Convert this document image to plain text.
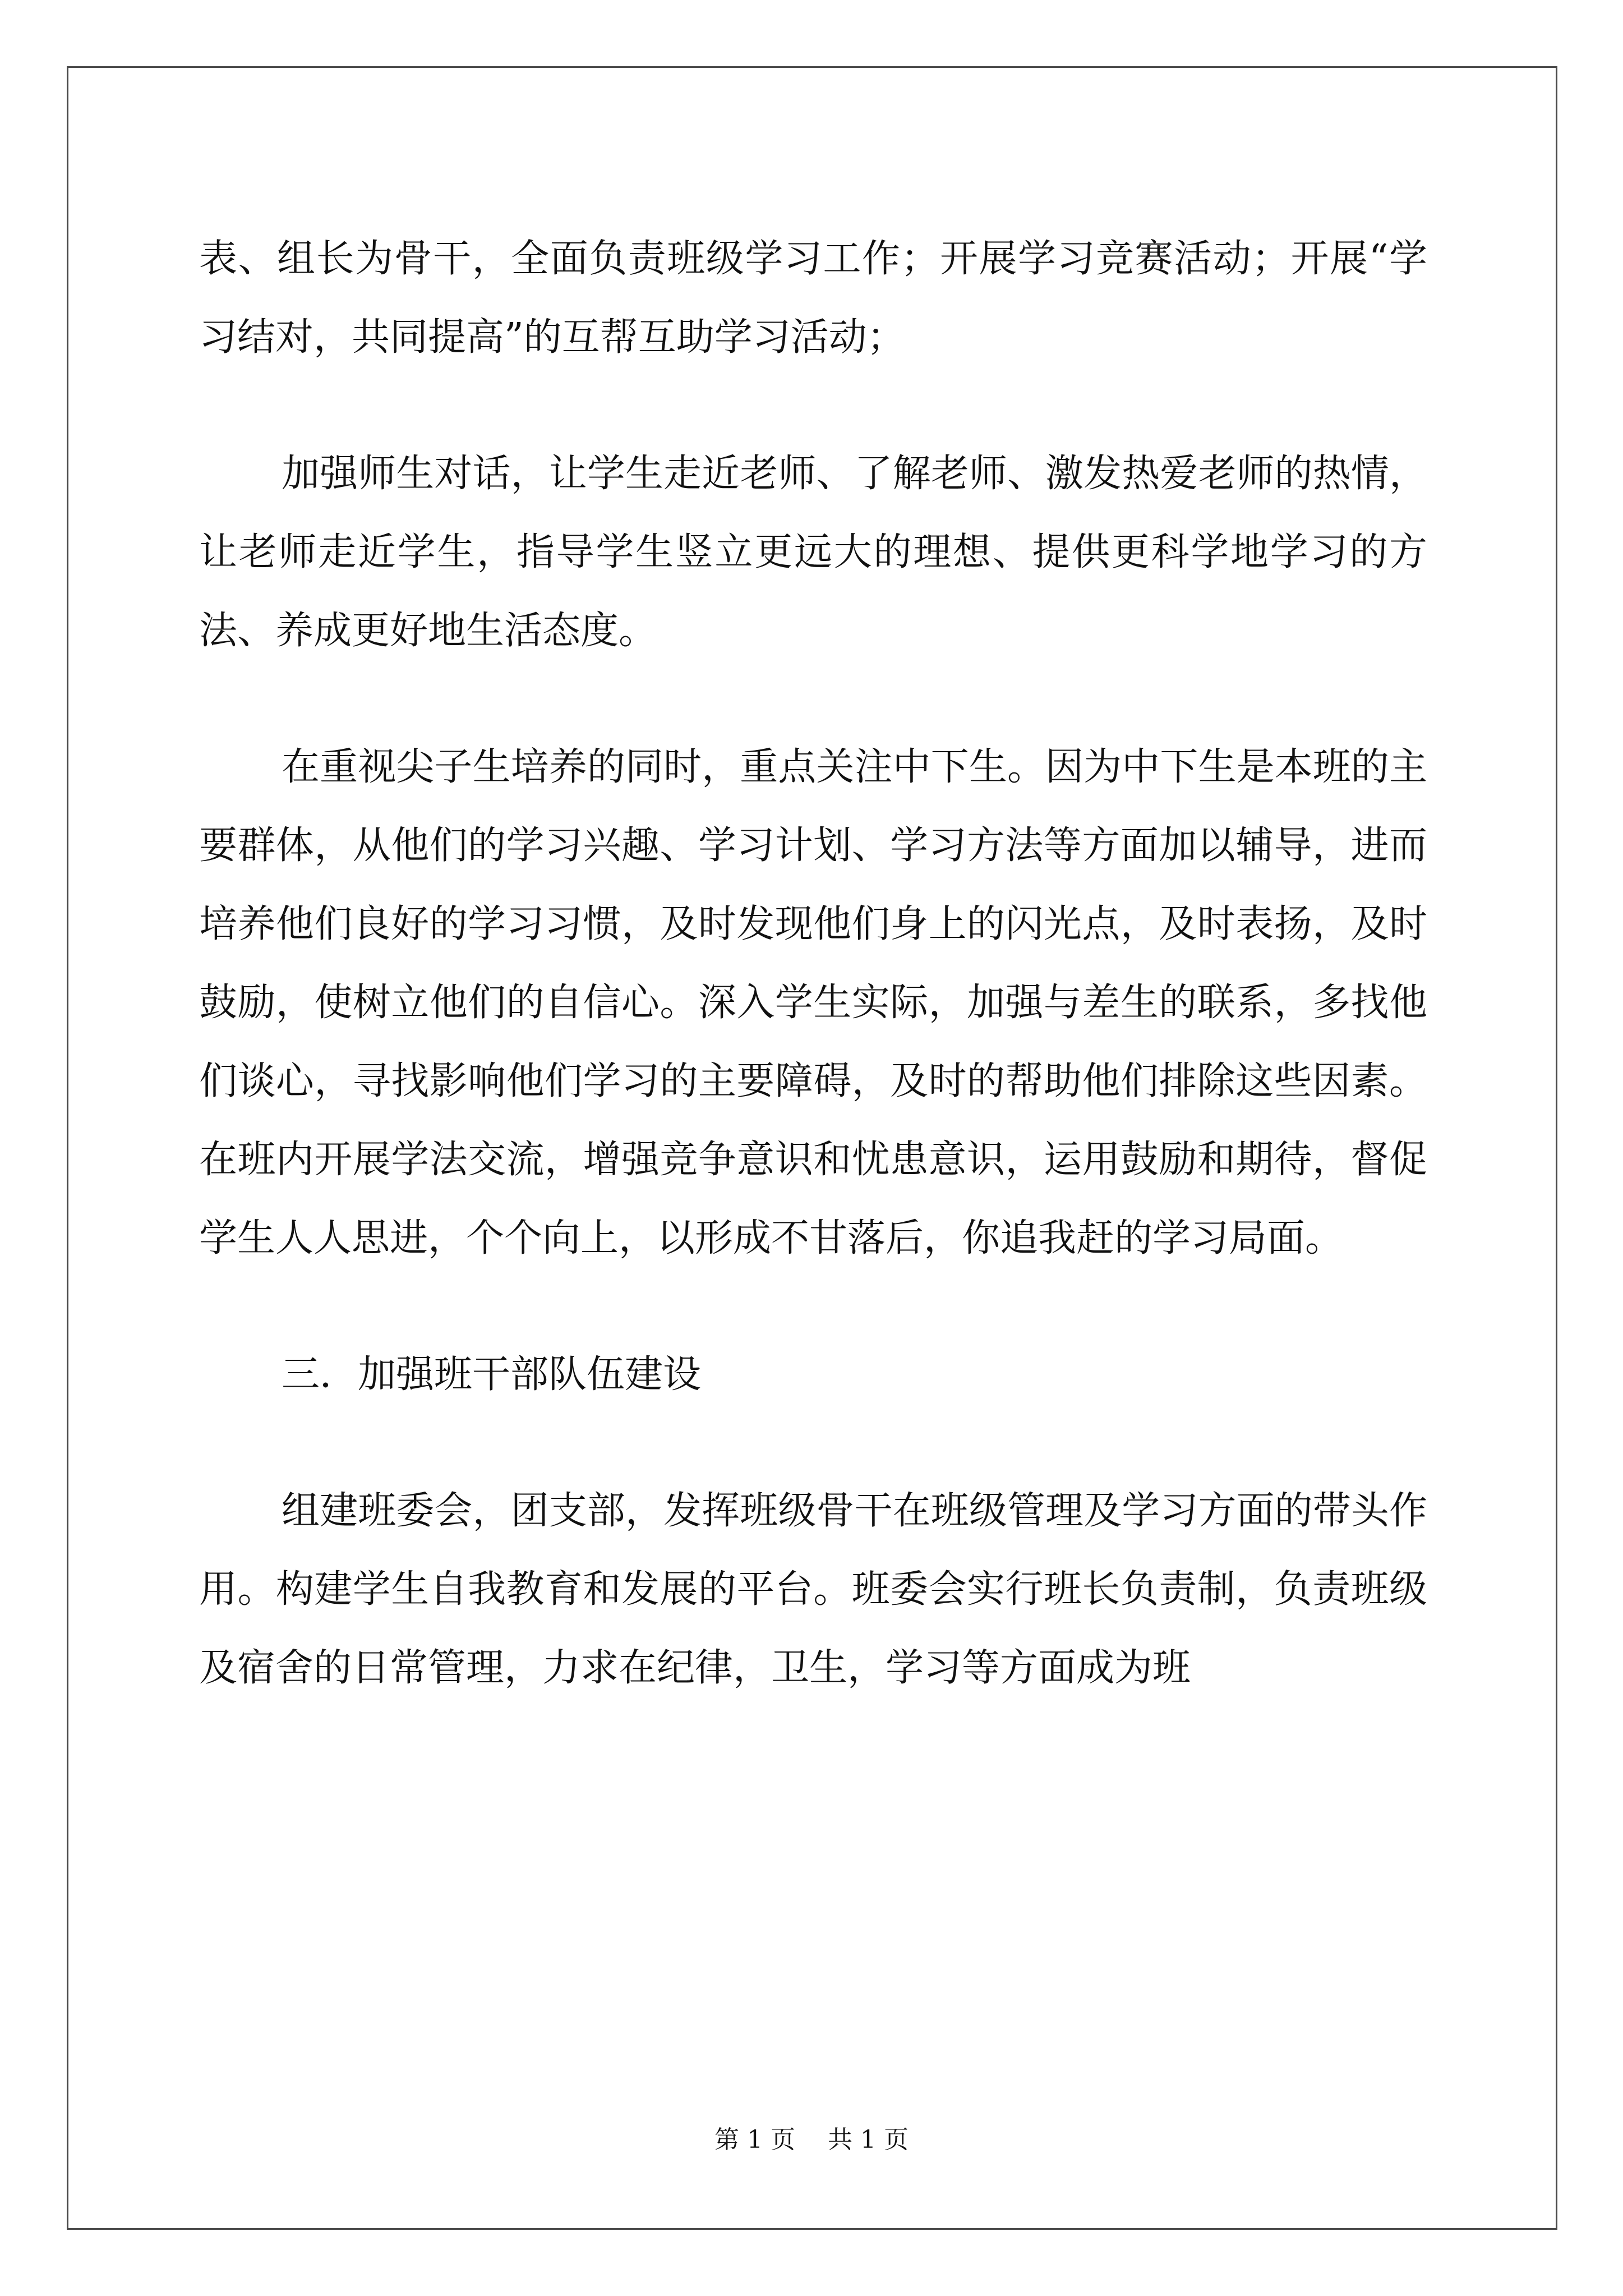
表、组长为骨干，全面负责班级学习工作；开展学习竞赛活动；开展“学习结对，共同提高”的互帮互助学习活动；

加强师生对话，让学生走近老师、了解老师、激发热爱老师的热情，让老师走近学生，指导学生竖立更远大的理想、提供更科学地学习的方法、养成更好地生活态度。

在重视尖子生培养的同时，重点关注中下生。因为中下生是本班的主要群体，从他们的学习兴趣、学习计划、学习方法等方面加以辅导，进而培养他们良好的学习习惯，及时发现他们身上的闪光点，及时表扬，及时鼓励，使树立他们的自信心。深入学生实际，加强与差生的联系，多找他们谈心，寻找影响他们学习的主要障碍，及时的帮助他们排除这些因素。在班内开展学法交流，增强竞争意识和忧患意识，运用鼓励和期待，督促学生人人思进，个个向上，以形成不甘落后，你追我赶的学习局面。

三．加强班干部队伍建设

组建班委会，团支部，发挥班级骨干在班级管理及学习方面的带头作用。构建学生自我教育和发展的平台。班委会实行班长负责制，负责班级及宿舍的日常管理，力求在纪律，卫生，学习等方面成为班

第 1 页　 共 1 页
